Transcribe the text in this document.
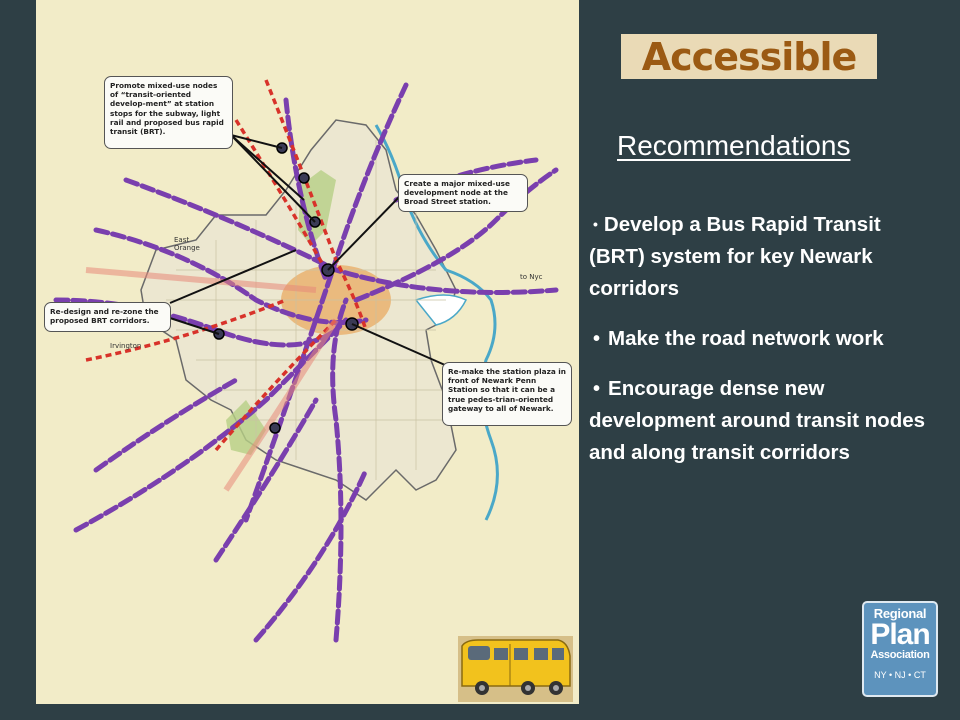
Promote mixed-use nodes of “transit-oriented develop-ment” at station stops for the subway, light rail and proposed bus rapid transit (BRT).
Create a major mixed-use development node at the Broad Street station.
Re-design and re-zone the proposed BRT corridors.
Re-make the station plaza in front of Newark Penn Station so that it can be a true pedes-trian-oriented gateway to all of Newark.
East Orange
Irvington
to Nyc
Accessible
Recommendations
• Develop a Bus Rapid Transit (BRT) system for key Newark corridors
• Make the road network work
• Encourage dense new development around transit nodes and along transit corridors
Regional
Plan
Association
NY • NJ • CT
